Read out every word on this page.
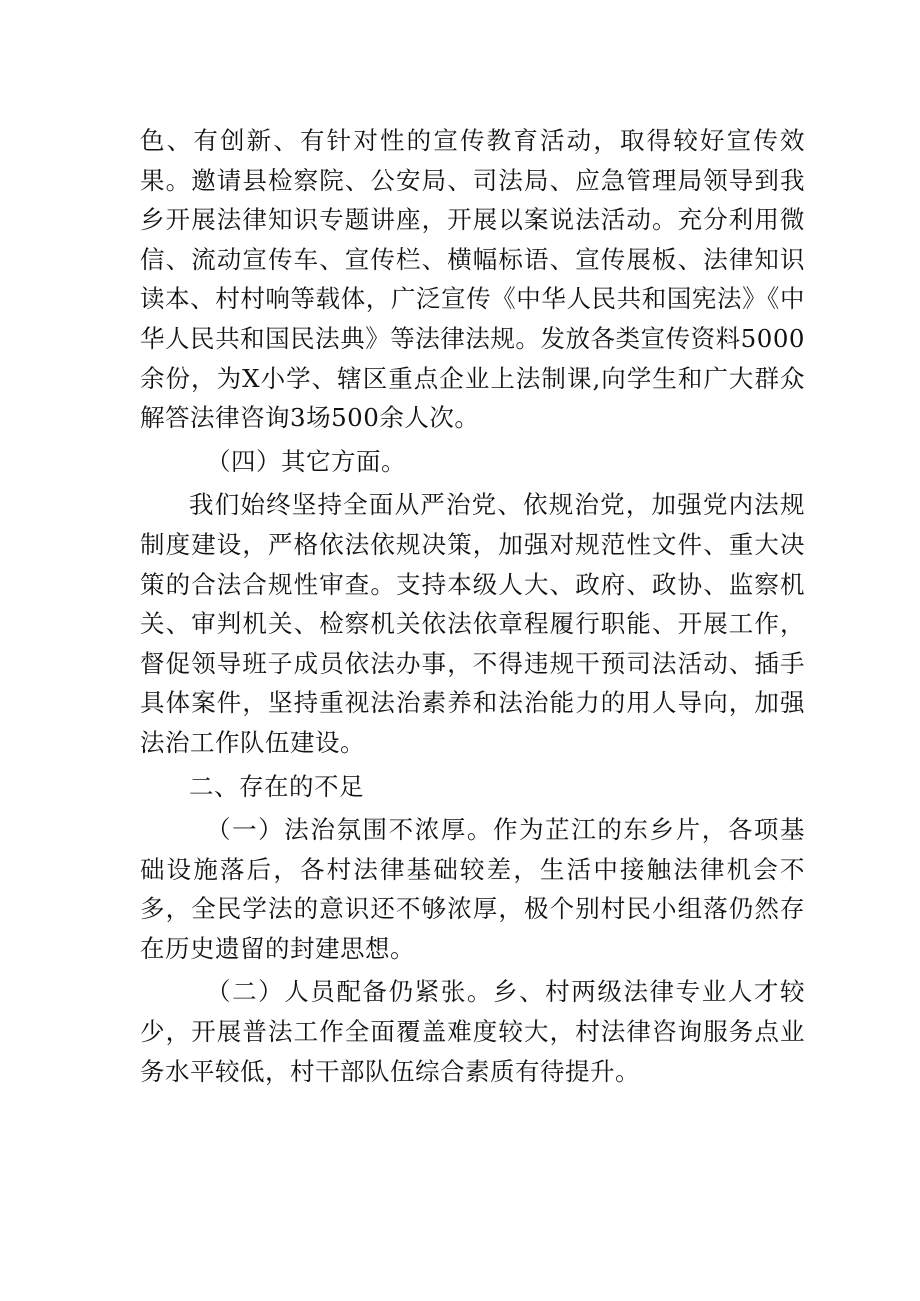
色、有创新、有针对性的宣传教育活动，取得较好宣传效果。邀请县检察院、公安局、司法局、应急管理局领导到我乡开展法律知识专题讲座，开展以案说法活动。充分利用微信、流动宣传车、宣传栏、横幅标语、宣传展板、法律知识读本、村村响等载体，广泛宣传《中华人民共和国宪法》《中华人民共和国民法典》等法律法规。发放各类宣传资料5000余份，为X小学、辖区重点企业上法制课,向学生和广大群众解答法律咨询3场500余人次。

（四）其它方面。

我们始终坚持全面从严治党、依规治党，加强党内法规制度建设，严格依法依规决策，加强对规范性文件、重大决策的合法合规性审查。支持本级人大、政府、政协、监察机关、审判机关、检察机关依法依章程履行职能、开展工作，督促领导班子成员依法办事，不得违规干预司法活动、插手具体案件，坚持重视法治素养和法治能力的用人导向，加强法治工作队伍建设。

二、存在的不足

（一）法治氛围不浓厚。作为芷江的东乡片，各项基础设施落后，各村法律基础较差，生活中接触法律机会不多，全民学法的意识还不够浓厚，极个别村民小组落仍然存在历史遗留的封建思想。

（二）人员配备仍紧张。乡、村两级法律专业人才较少，开展普法工作全面覆盖难度较大，村法律咨询服务点业务水平较低，村干部队伍综合素质有待提升。
